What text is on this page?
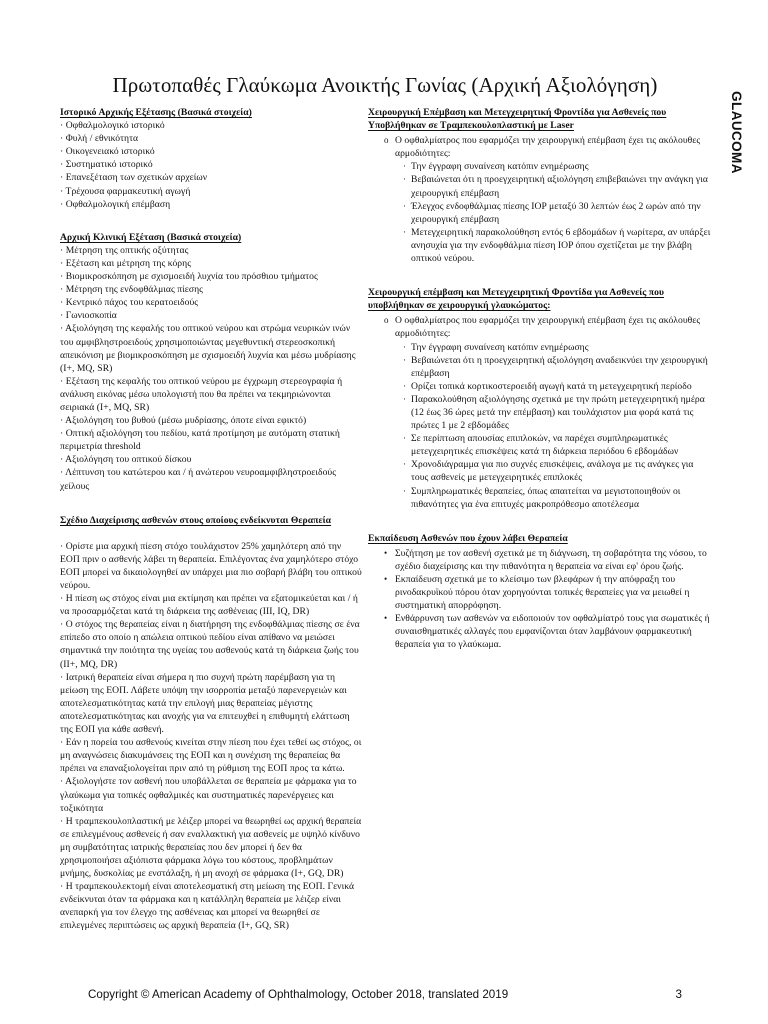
Πρωτοπαθές Γλαύκωμα Ανοικτής Γωνίας (Αρχική Αξιολόγηση)
GLAUCOMA
Ιστορικό Αρχικής Εξέτασης (Βασικά στοιχεία)
· Οφθαλμολογικό ιστορικό
· Φυλή / εθνικότητα
· Οικογενειακό ιστορικό
· Συστηματικό ιστορικό
· Επανεξέταση των σχετικών αρχείων
· Τρέχουσα φαρμακευτική αγωγή
· Οφθαλμολογική επέμβαση
Αρχική Κλινική Εξέταση (Βασικά στοιχεία)
· Μέτρηση της οπτικής οξύτητας
· Εξέταση και μέτρηση της κόρης
· Βιομικροσκόπηση με σχισμοειδή λυχνία του πρόσθιου τμήματος
· Μέτρηση της ενδοφθάλμιας πίεσης
· Κεντρικό πάχος του κερατοειδούς
· Γωνιοσκοπία
· Αξιολόγηση της κεφαλής του οπτικού νεύρου και στρώμα νευρικών ινών του αμφιβληστροειδούς χρησιμοποιώντας μεγεθυντική στερεοσκοπική απεικόνιση με βιομικροσκόπηση με σχισμοειδή λυχνία και μέσω μυδρίασης (I+, MQ, SR)
· Εξέταση της κεφαλής του οπτικού νεύρου με έγχρωμη στερεογραφία ή ανάλυση εικόνας μέσω υπολογιστή που θα πρέπει να τεκμηριώνονται σειριακά (I+, MQ, SR)
· Αξιολόγηση του βυθού (μέσω μυδρίασης, όποτε είναι εφικτό)
· Οπτική αξιολόγηση του πεδίου, κατά προτίμηση με αυτόματη στατική περιμετρία threshold
· Αξιολόγηση του οπτικού δίσκου
· Λέπτυνση του κατώτερου και / ή ανώτερου νευροαμφιβληστροειδούς χείλους
Σχέδιο Διαχείρισης ασθενών στους οποίους ενδείκνυται Θεραπεία
· Ορίστε μια αρχική πίεση στόχο τουλάχιστον 25% χαμηλότερη από την ΕΟΠ πριν ο ασθενής λάβει τη θεραπεία. Επιλέγοντας ένα χαμηλότερο στόχο ΕΟΠ μπορεί να δικαιολογηθεί αν υπάρχει μια πιο σοβαρή βλάβη του οπτικού νεύρου.
· Η πίεση ως στόχος είναι μια εκτίμηση και πρέπει να εξατομικεύεται και / ή να προσαρμόζεται κατά τη διάρκεια της ασθένειας (III, IQ, DR)
· Ο στόχος της θεραπείας είναι η διατήρηση της ενδοφθάλμιας πίεσης σε ένα επίπεδο στο οποίο η απώλεια οπτικού πεδίου είναι απίθανο να μειώσει σημαντικά την ποιότητα της υγείας του ασθενούς κατά τη διάρκεια ζωής του (II+, MQ, DR)
· Ιατρική θεραπεία είναι σήμερα η πιο συχνή πρώτη παρέμβαση για τη μείωση της ΕΟΠ. Λάβετε υπόψη την ισορροπία μεταξύ παρενεργειών και αποτελεσματικότητας κατά την επιλογή μιας θεραπείας μέγιστης αποτελεσματικότητας και ανοχής για να επιτευχθεί η επιθυμητή ελάττωση της ΕΟΠ για κάθε ασθενή.
· Εάν η πορεία του ασθενούς κινείται στην πίεση που έχει τεθεί ως στόχος, οι μη αναγνώσεις διακυμάνσεις της ΕΟΠ και η συνέχιση της θεραπείας θα πρέπει να επαναξιολογείται πριν από τη ρύθμιση της ΕΟΠ προς τα κάτω.
· Αξιολογήστε τον ασθενή που υποβάλλεται σε θεραπεία με φάρμακα για το γλαύκωμα για τοπικές οφθαλμικές και συστηματικές παρενέργειες και τοξικότητα
· Η τραμπεκουλοπλαστική με λέιζερ μπορεί να θεωρηθεί ως αρχική θεραπεία σε επιλεγμένους ασθενείς ή σαν εναλλακτική για ασθενείς με υψηλό κίνδυνο μη συμβατότητας ιατρικής θεραπείας που δεν μπορεί ή δεν θα χρησιμοποιήσει αξιόπιστα φάρμακα λόγω του κόστους, προβλημάτων μνήμης, δυσκολίας με ενστάλαξη, ή μη ανοχή σε φάρμακα (I+, GQ, DR)
· Η τραμπεκουλεκτομή είναι αποτελεσματική στη μείωση της ΕΟΠ. Γενικά ενδείκνυται όταν τα φάρμακα και η κατάλληλη θεραπεία με λέιζερ είναι ανεπαρκή για τον έλεγχο της ασθένειας και μπορεί να θεωρηθεί σε επιλεγμένες περιπτώσεις ως αρχική θεραπεία (I+, GQ, SR)
Χειρουργική Επέμβαση και Μετεγχειρητική Φροντίδα για Ασθενείς που Υποβλήθηκαν σε Τραμπεκουλοπλαστική με Laser
o Ο οφθαλμίατρος που εφαρμόζει την χειρουργική επέμβαση έχει τις ακόλουθες αρμοδιότητες:
· Την έγγραφη συναίνεση κατόπιν ενημέρωσης
· Βεβαιώνεται ότι η προεγχειρητική αξιολόγηση επιβεβαιώνει την ανάγκη για χειρουργική επέμβαση
· Έλεγχος ενδοφθάλμιας πίεσης IOP μεταξύ 30 λεπτών έως 2 ωρών από την χειρουργική επέμβαση
· Μετεγχειρητική παρακολούθηση εντός 6 εβδομάδων ή νωρίτερα, αν υπάρξει ανησυχία για την ενδοφθάλμια πίεση IOP όπου σχετίζεται με την βλάβη οπτικού νεύρου.
Χειρουργική επέμβαση και Μετεγχειρητική Φροντίδα για Ασθενείς που υποβλήθηκαν σε χειρουργική γλαυκώματος:
o Ο οφθαλμίατρος που εφαρμόζει την χειρουργική επέμβαση έχει τις ακόλουθες αρμοδιότητες:
· Την έγγραφη συναίνεση κατόπιν ενημέρωσης
· Βεβαιώνεται ότι η προεγχειρητική αξιολόγηση αναδεικνύει την χειρουργική επέμβαση
· Ορίζει τοπικά κορτικοστεροειδή αγωγή κατά τη μετεγχειρητική περίοδο
· Παρακολούθηση αξιολόγησης σχετικά με την πρώτη μετεγχειρητική ημέρα (12 έως 36 ώρες μετά την επέμβαση) και τουλάχιστον μια φορά κατά τις πρώτες 1 με 2 εβδομάδες
· Σε περίπτωση απουσίας επιπλοκών, να παρέχει συμπληρωματικές μετεγχειρητικές επισκέψεις κατά τη διάρκεια περιόδου 6 εβδομάδων
· Χρονοδιάγραμμα για πιο συχνές επισκέψεις, ανάλογα με τις ανάγκες για τους ασθενείς με μετεγχειρητικές επιπλοκές
· Συμπληρωματικές θεραπείες, όπως απαιτείται να μεγιστοποιηθούν οι πιθανότητες για ένα επιτυχές μακροπρόθεσμο αποτέλεσμα
Εκπαίδευση Ασθενών που έχουν λάβει Θεραπεία
• Συζήτηση με τον ασθενή σχετικά με τη διάγνωση, τη σοβαρότητα της νόσου, το σχέδιο διαχείρισης και την πιθανότητα η θεραπεία να είναι εφ' όρου ζωής.
• Εκπαίδευση σχετικά με το κλείσιμο των βλεφάρων ή την απόφραξη του ρινοδακρυϊκού πόρου όταν χορηγούνται τοπικές θεραπείες για να μειωθεί η συστηματική απορρόφηση.
• Ενθάρρυνση των ασθενών να ειδοποιούν τον οφθαλμίατρό τους για σωματικές ή συναισθηματικές αλλαγές που εμφανίζονται όταν λαμβάνουν φαρμακευτική θεραπεία για το γλαύκωμα.
Copyright © American Academy of Ophthalmology, October 2018, translated 2019	3
